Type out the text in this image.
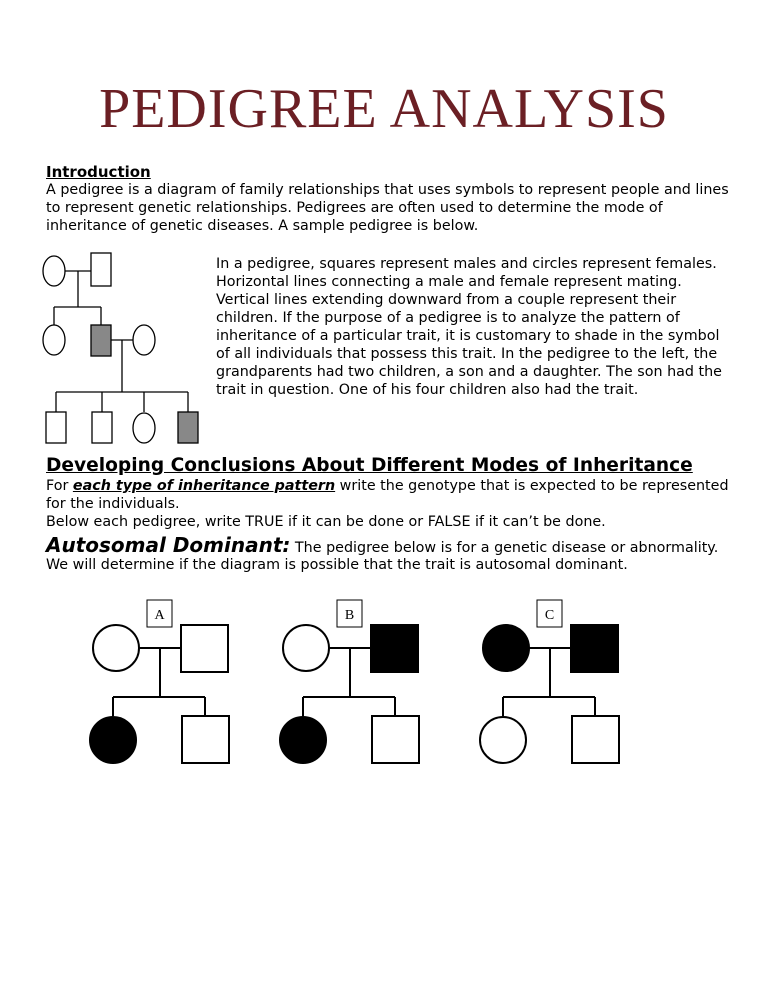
PEDIGREE ANALYSIS
Introduction
A pedigree is a diagram of family relationships that uses symbols to represent people and lines to represent genetic relationships. Pedigrees are often used to determine the mode of inheritance of genetic diseases. A sample pedigree is below.
In a pedigree, squares represent males and circles represent females. Horizontal lines connecting a male and female represent mating. Vertical lines extending downward from a couple represent their children. If the purpose of a pedigree is to analyze the pattern of inheritance of a particular trait, it is customary to shade in the symbol of all individuals that possess this trait. In the pedigree to the left, the grandparents had two children, a son and a daughter. The son had the trait in question. One of his four children also had the trait.
Developing Conclusions About Different Modes of Inheritance
For each type of inheritance pattern write the genotype that is expected to be represented for the individuals.
Below each pedigree, write TRUE if it can be done or FALSE if it can’t be done.
Autosomal Dominant: The pedigree below is for a genetic disease or abnormality.
We will determine if the diagram is possible that the trait is autosomal dominant.
A	B	C
